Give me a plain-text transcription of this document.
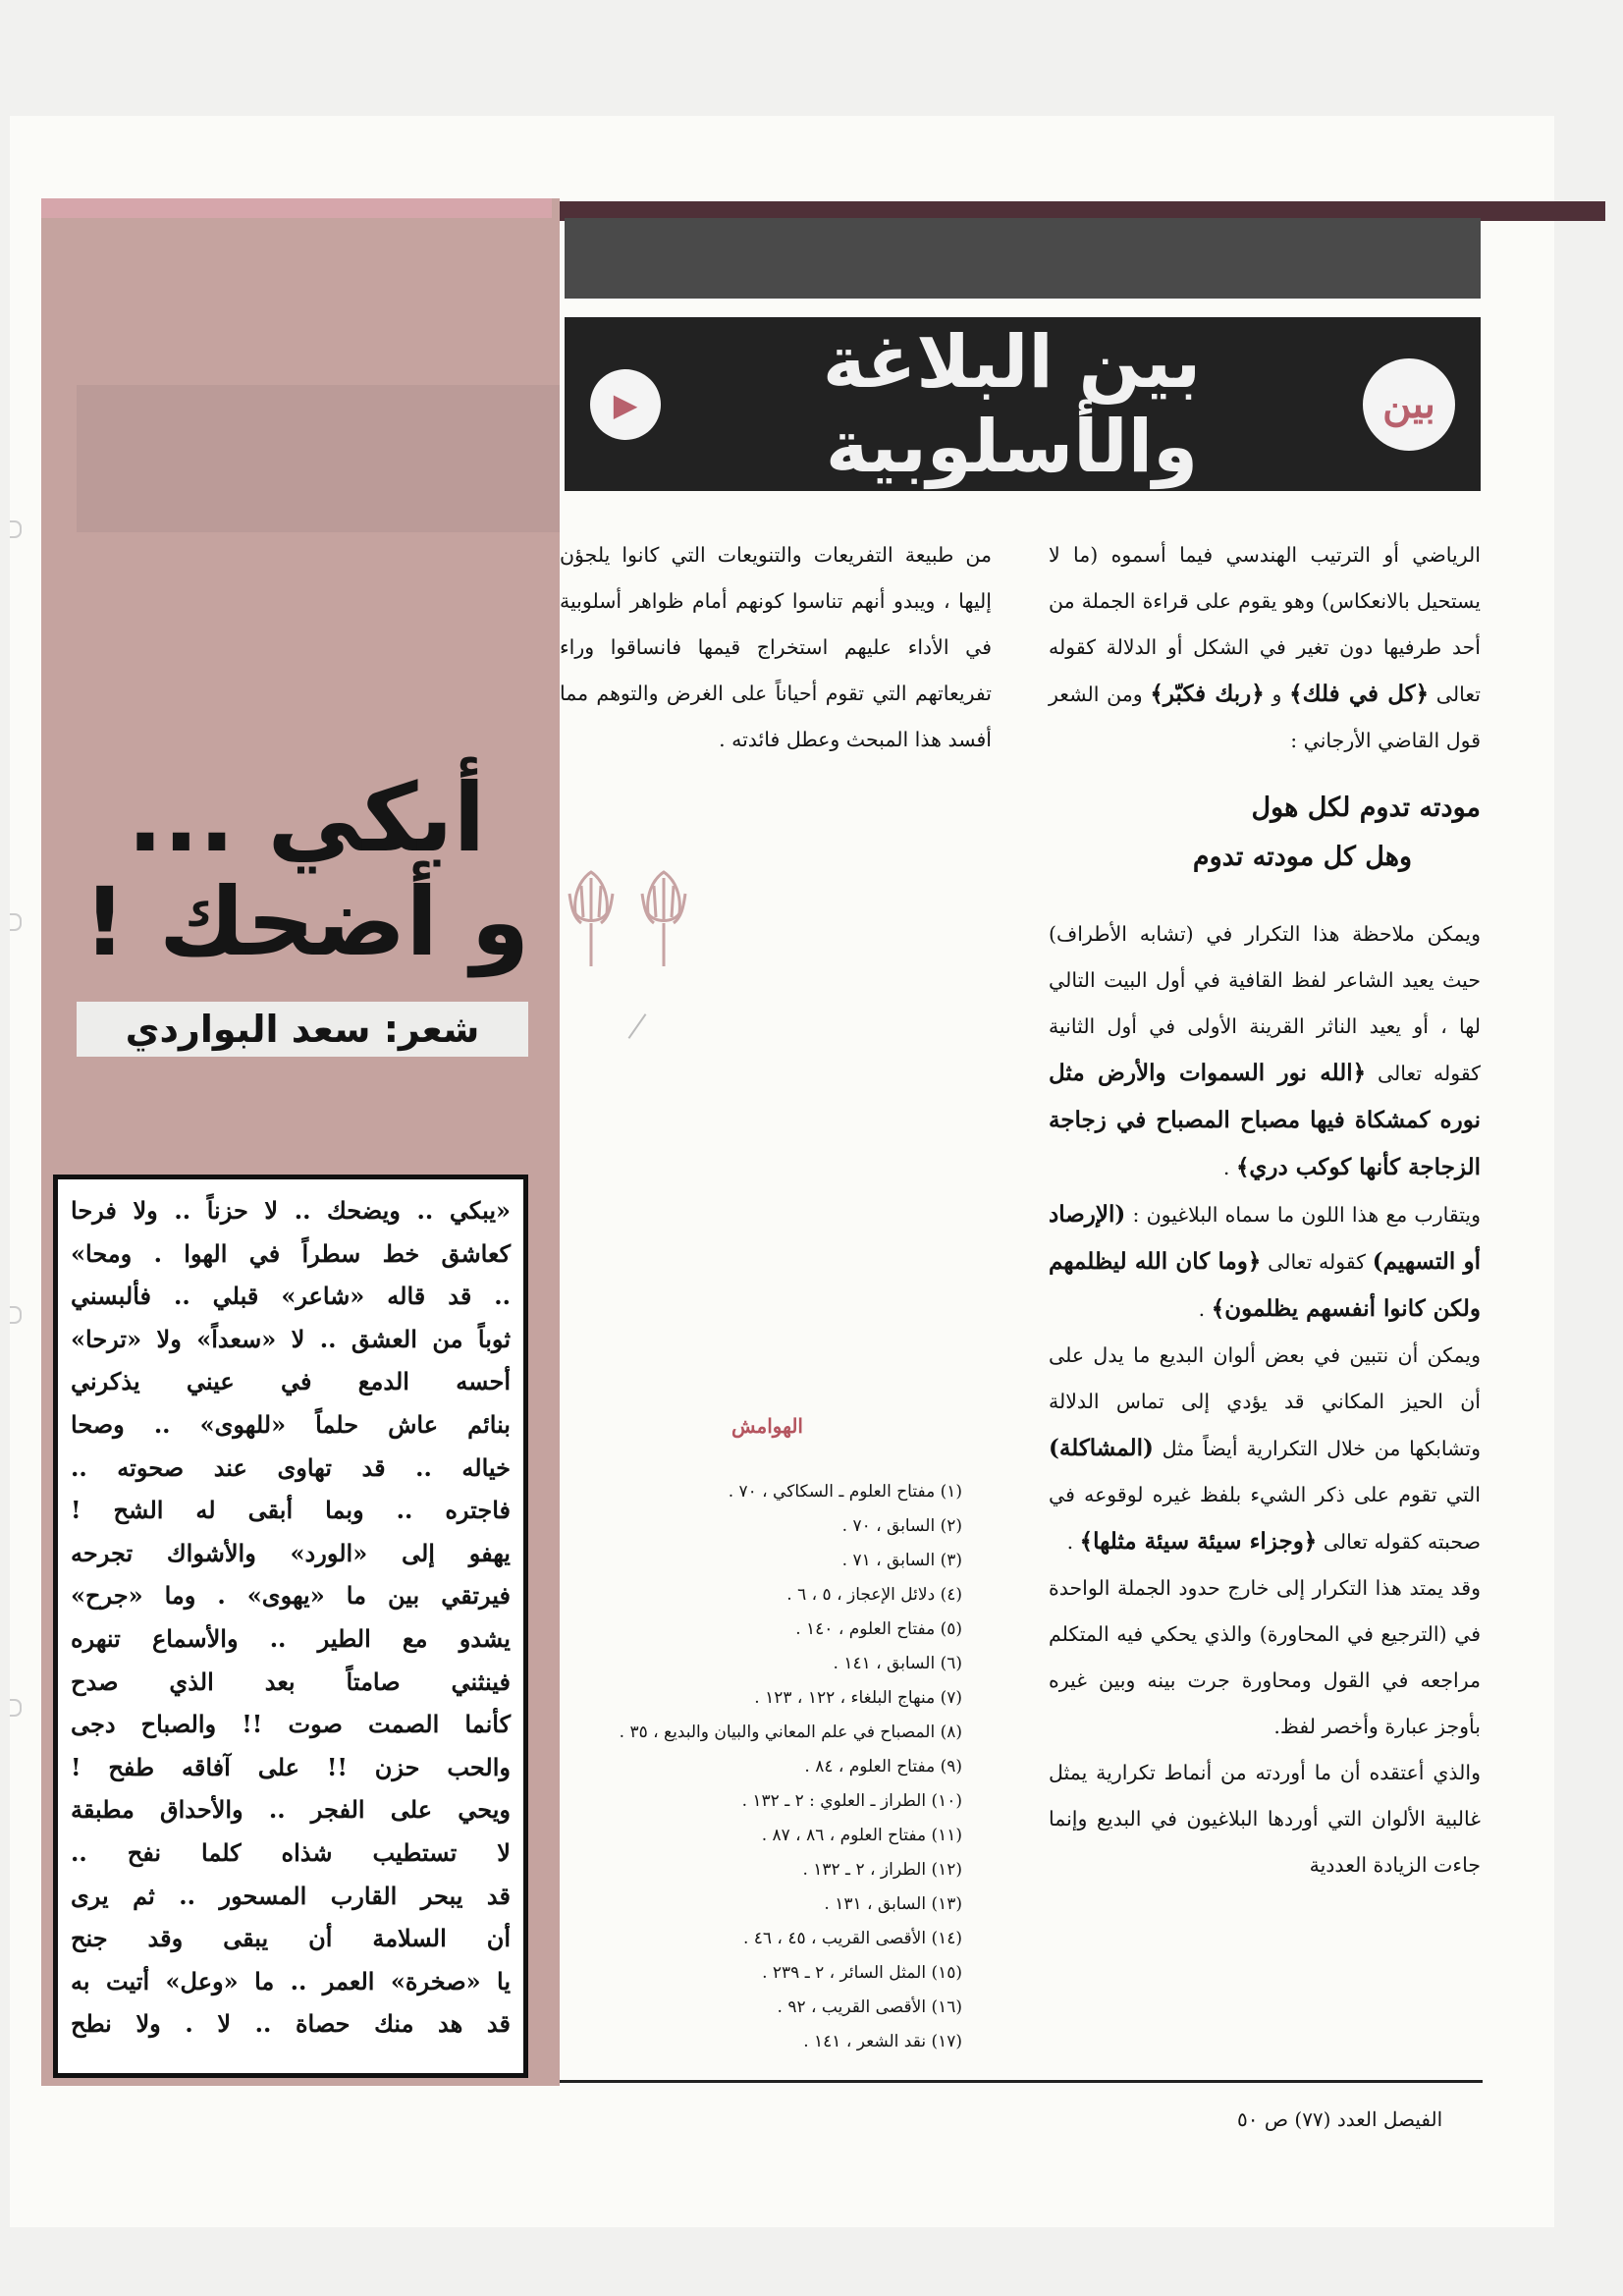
▶	بين البلاغة والأسلوبية	بين

الرياضي أو الترتيب الهندسي فيما أسموه (ما لا يستحيل بالانعكاس) وهو يقوم على قراءة الجملة من أحد طرفيها دون تغير في الشكل أو الدلالة كقوله تعالى ﴿كل في فلك﴾ و ﴿ربك فكبّر﴾ ومن الشعر قول القاضي الأرجاني :

مودته تدوم لكل هول
وهل كل مودته تدوم

ويمكن ملاحظة هذا التكرار في (تشابه الأطراف) حيث يعيد الشاعر لفظ القافية في أول البيت التالي لها ، أو يعيد الناثر القرينة الأولى في أول الثانية كقوله تعالى ﴿الله نور السموات والأرض مثل نوره كمشكاة فيها مصباح المصباح في زجاجة الزجاجة كأنها كوكب دري﴾ .

ويتقارب مع هذا اللون ما سماه البلاغيون : (الإرصاد أو التسهيم) كقوله تعالى ﴿وما كان الله ليظلمهم ولكن كانوا أنفسهم يظلمون﴾ .

ويمكن أن نتبين في بعض ألوان البديع ما يدل على أن الحيز المكاني قد يؤدي إلى تماس الدلالة وتشابكها من خلال التكرارية أيضاً مثل (المشاكلة) التي تقوم على ذكر الشيء بلفظ غيره لوقوعه في صحبته كقوله تعالى ﴿وجزاء سيئة سيئة مثلها﴾ .

وقد يمتد هذا التكرار إلى خارج حدود الجملة الواحدة في (الترجيع في المحاورة) والذي يحكي فيه المتكلم مراجعه في القول ومحاورة جرت بينه وبين غيره بأوجز عبارة وأخصر لفظ.

والذي أعتقده أن ما أوردته من أنماط تكرارية يمثل غالبية الألوان التي أوردها البلاغيون في البديع وإنما جاءت الزيادة العددية

من طبيعة التفريعات والتنويعات التي كانوا يلجؤن إليها ، ويبدو أنهم تناسوا كونهم أمام ظواهر أسلوبية في الأداء عليهم استخراج قيمها فانساقوا وراء تفريعاتهم التي تقوم أحياناً على الغرض والتوهم مما أفسد هذا المبحث وعطل فائدته .

الهوامش
(١) مفتاح العلوم ـ السكاكي ، ٧٠ .
(٢) السابق ، ٧٠ .
(٣) السابق ، ٧١ .
(٤) دلائل الإعجاز ، ٥ ، ٦ .
(٥) مفتاح العلوم ، ١٤٠ .
(٦) السابق ، ١٤١ .
(٧) منهاج البلغاء ، ١٢٢ ، ١٢٣ .
(٨) المصباح في علم المعاني والبيان والبديع ، ٣٥ .
(٩) مفتاح العلوم ، ٨٤ .
(١٠) الطراز ـ العلوي : ٢ ـ ١٣٢ .
(١١) مفتاح العلوم ، ٨٦ ، ٨٧ .
(١٢) الطراز ، ٢ ـ ١٣٢ .
(١٣) السابق ، ١٣١ .
(١٤) الأقصى القريب ، ٤٥ ، ٤٦ .
(١٥) المثل السائر ، ٢ ـ ٢٣٩ .
(١٦) الأقصى القريب ، ٩٢ .
(١٧) نقد الشعر ، ١٤١ .
الفيصل العدد (٧٧) ص ٥٠
أبكي ...
و أضحك !
شعر: سعد البواردي
«يبكي .. ويضحك .. لا حزناً .. ولا فرحا
كعاشق خط سطراً في الهوا . ومحا»
.. قد قاله «شاعر» قبلي .. فألبسني
ثوباً من العشق .. لا «سعداً» ولا «ترحا»
أحسه الدمع في عيني يذكرني
بنائم عاش حلماً «للهوى» .. وصحا
خياله .. قد تهاوى عند صحوته ..
فاجتره .. وبما أبقى له الشح !
يهفو إلى «الورد» والأشواك تجرحه
فيرتقي بين ما «يهوى» . وما «جرح»
يشدو مع الطير .. والأسماع تنهره
فينثني صامتاً بعد الذي صدح
كأنما الصمت صوت !! والصباح دجى
والحب حزن !! على آفاقه طفح !
ويحي على الفجر .. والأحداق مطبقة
لا تستطيب شذاه كلما نفح ..
قد يبحر القارب المسحور .. ثم يرى
أن السلامة أن يبقى وقد جنح
يا «صخرة» العمر .. ما «وعل» أتيت به
قد هد منك حصاة .. لا . ولا نطح
